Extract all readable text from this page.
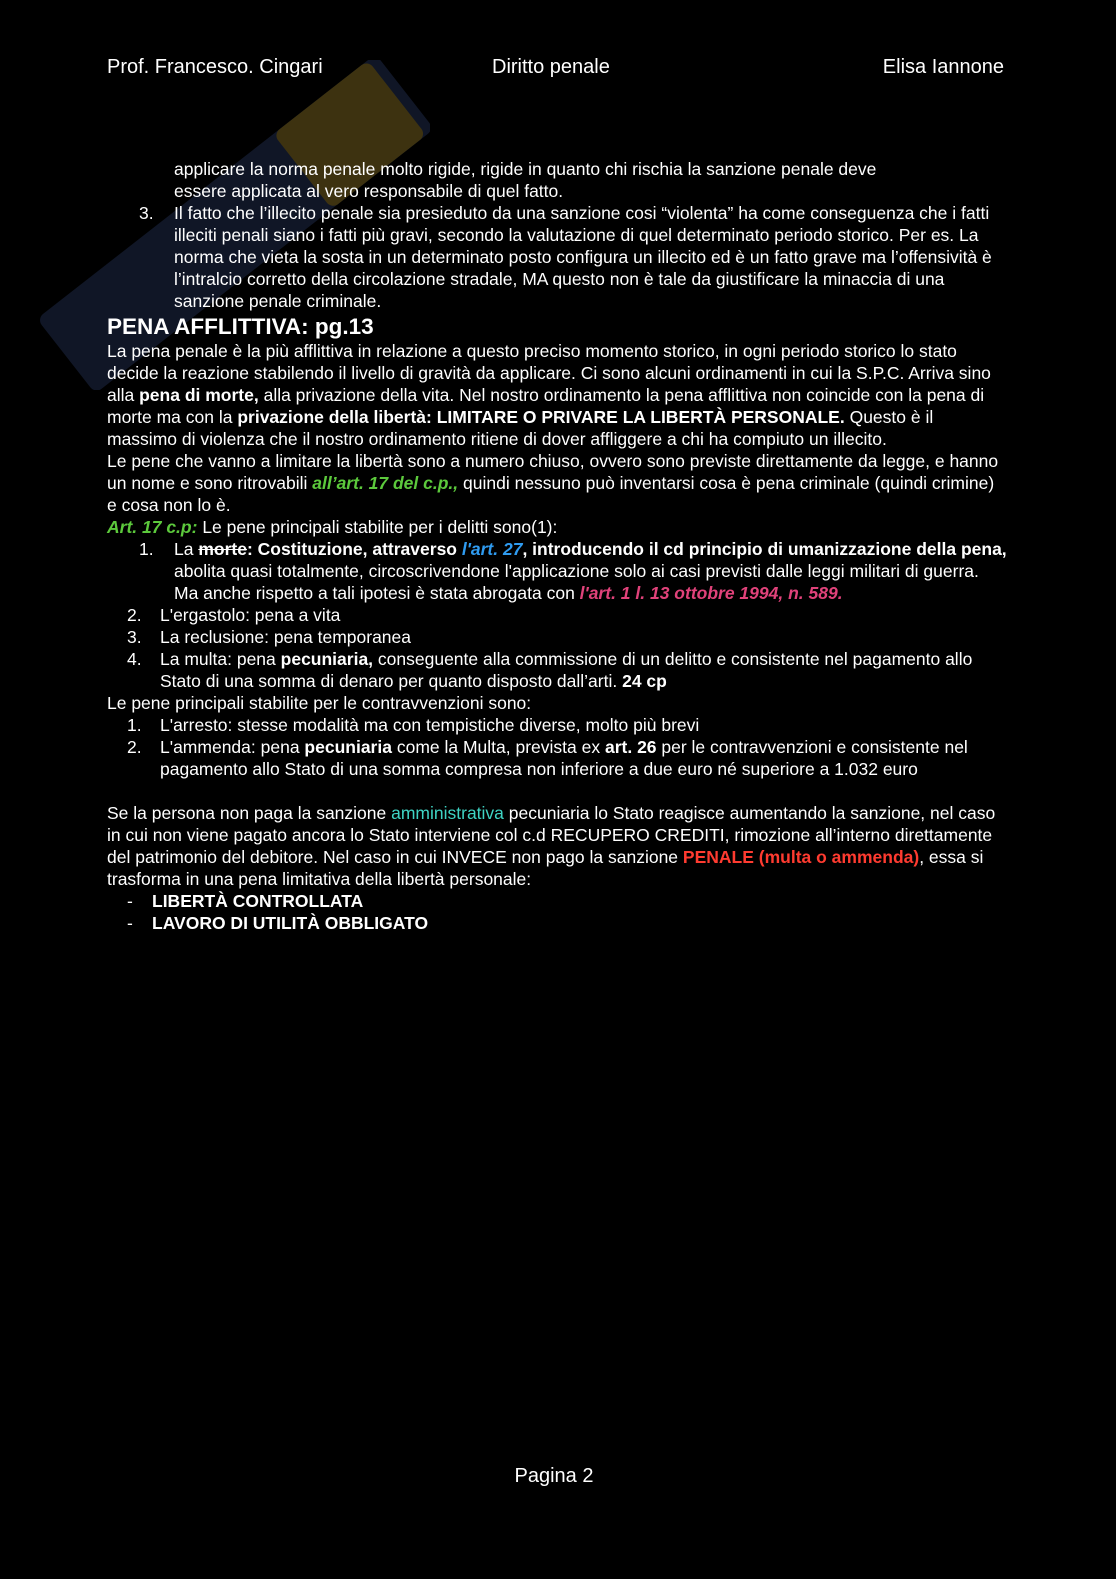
Prof. Francesco. Cingari	Diritto penale	Elisa Iannone

applicare la norma penale molto rigide, rigide in quanto chi rischia la sanzione penale deve
essere applicata al vero responsabile di quel fatto.

3. Il fatto che l’illecito penale sia presieduto da una sanzione cosi “violenta” ha come conseguenza che i fatti illeciti penali siano i fatti più gravi, secondo la valutazione di quel determinato periodo storico. Per es. La norma che vieta la sosta in un determinato posto configura un illecito ed è un fatto grave ma l’offensività è l’intralcio corretto della circolazione stradale, MA questo non è tale da giustificare la minaccia di una sanzione penale criminale.

PENA AFFLITTIVA: pg.13

La pena penale è la più afflittiva in relazione a questo preciso momento storico, in ogni periodo storico lo stato decide la reazione stabilendo il livello di gravità da applicare. Ci sono alcuni ordinamenti in cui la S.P.C. Arriva sino alla pena di morte, alla privazione della vita. Nel nostro ordinamento la pena afflittiva non coincide con la pena di morte ma con la privazione della libertà: LIMITARE O PRIVARE LA LIBERTÀ PERSONALE. Questo è il massimo di violenza che il nostro ordinamento ritiene di dover affliggere a chi ha compiuto un illecito.

Le pene che vanno a limitare la libertà sono a numero chiuso, ovvero sono previste direttamente da legge, e hanno un nome e sono ritrovabili all’art. 17 del c.p., quindi nessuno può inventarsi cosa è pena criminale (quindi crimine) e cosa non lo è.

Art. 17 c.p: Le pene principali stabilite per i delitti sono(1):

1. La morte: Costituzione, attraverso l'art. 27, introducendo il cd principio di umanizzazione della pena, abolita quasi totalmente, circoscrivendone l'applicazione solo ai casi previsti dalle leggi militari di guerra. Ma anche rispetto a tali ipotesi è stata abrogata con l'art. 1 l. 13 ottobre 1994, n. 589.

2. L'ergastolo: pena a vita

3. La reclusione: pena temporanea

4. La multa: pena pecuniaria, conseguente alla commissione di un delitto e consistente nel pagamento allo Stato di una somma di denaro per quanto disposto dall’arti. 24 cp

Le pene principali stabilite per le contravvenzioni sono:

1. L'arresto: stesse modalità ma con tempistiche diverse, molto più brevi

2. L'ammenda: pena pecuniaria come la Multa, prevista ex art. 26 per le contravvenzioni e consistente nel pagamento allo Stato di una somma compresa non inferiore a due euro né superiore a 1.032 euro

Se la persona non paga la sanzione amministrativa pecuniaria lo Stato reagisce aumentando la sanzione, nel caso in cui non viene pagato ancora lo Stato interviene col c.d RECUPERO CREDITI, rimozione all’interno direttamente del patrimonio del debitore. Nel caso in cui INVECE non pago la sanzione PENALE (multa o ammenda), essa si trasforma in una pena limitativa della libertà personale:

- LIBERTÀ CONTROLLATA

- LAVORO DI UTILITÀ OBBLIGATO

Pagina 2
